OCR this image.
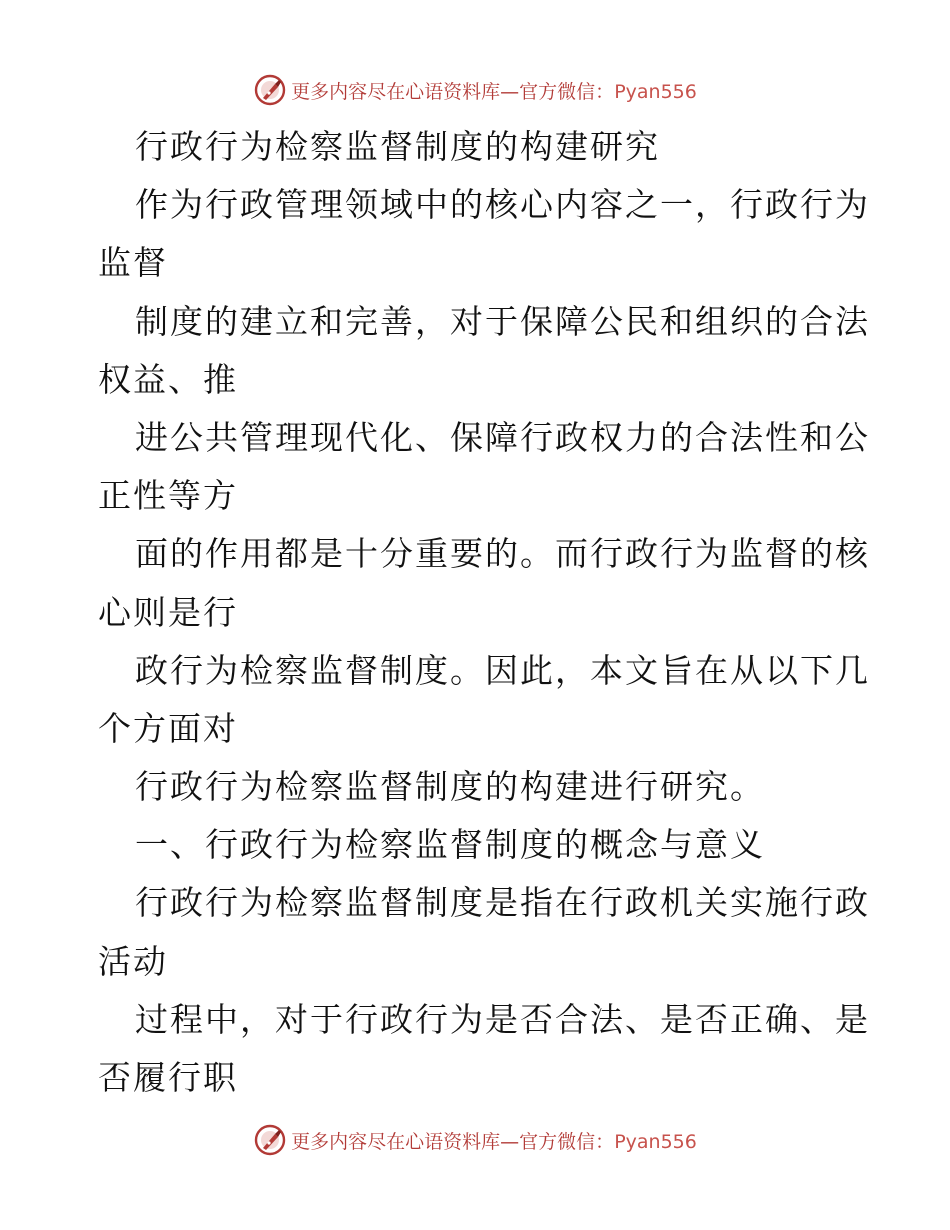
更多内容尽在心语资料库—官方微信：Pyan556
行政行为检察监督制度的构建研究
作为行政管理领域中的核心内容之一，行政行为
监督
制度的建立和完善，对于保障公民和组织的合法
权益、推
进公共管理现代化、保障行政权力的合法性和公
正性等方
面的作用都是十分重要的。而行政行为监督的核
心则是行
政行为检察监督制度。因此，本文旨在从以下几
个方面对
行政行为检察监督制度的构建进行研究。
一、行政行为检察监督制度的概念与意义
行政行为检察监督制度是指在行政机关实施行政
活动
过程中，对于行政行为是否合法、是否正确、是
否履行职
更多内容尽在心语资料库—官方微信：Pyan556
